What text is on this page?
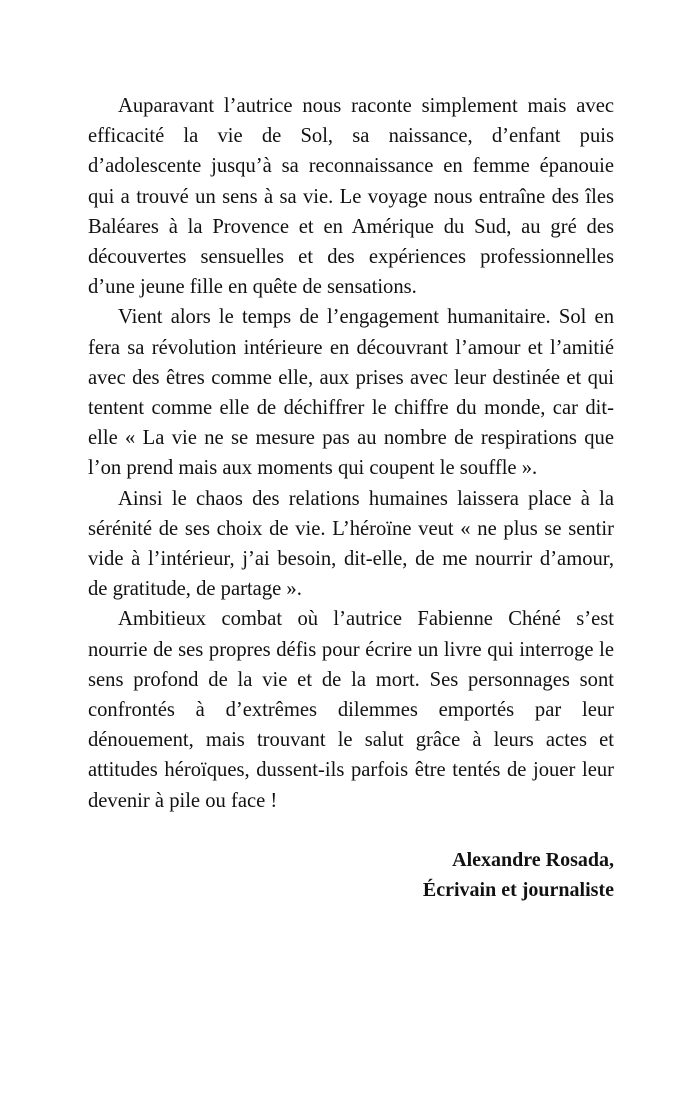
Auparavant l’autrice nous raconte simplement mais avec efficacité la vie de Sol, sa naissance, d’enfant puis d’adolescente jusqu’à sa reconnaissance en femme épanouie qui a trouvé un sens à sa vie. Le voyage nous entraîne des îles Baléares à la Provence et en Amérique du Sud, au gré des découvertes sensuelles et des expériences professionnelles d’une jeune fille en quête de sensations.

Vient alors le temps de l’engagement humanitaire. Sol en fera sa révolution intérieure en découvrant l’amour et l’amitié avec des êtres comme elle, aux prises avec leur destinée et qui tentent comme elle de déchiffrer le chiffre du monde, car dit-elle « La vie ne se mesure pas au nombre de respirations que l’on prend mais aux moments qui coupent le souffle ».

Ainsi le chaos des relations humaines laissera place à la sérénité de ses choix de vie. L’héroïne veut « ne plus se sentir vide à l’intérieur, j’ai besoin, dit-elle, de me nourrir d’amour, de gratitude, de partage ».

Ambitieux combat où l’autrice Fabienne Chéné s’est nourrie de ses propres défis pour écrire un livre qui interroge le sens profond de la vie et de la mort. Ses personnages sont confrontés à d’extrêmes dilemmes emportés par leur dénouement, mais trouvant le salut grâce à leurs actes et attitudes héroïques, dussent-ils parfois être tentés de jouer leur devenir à pile ou face !

Alexandre Rosada,
Écrivain et journaliste
